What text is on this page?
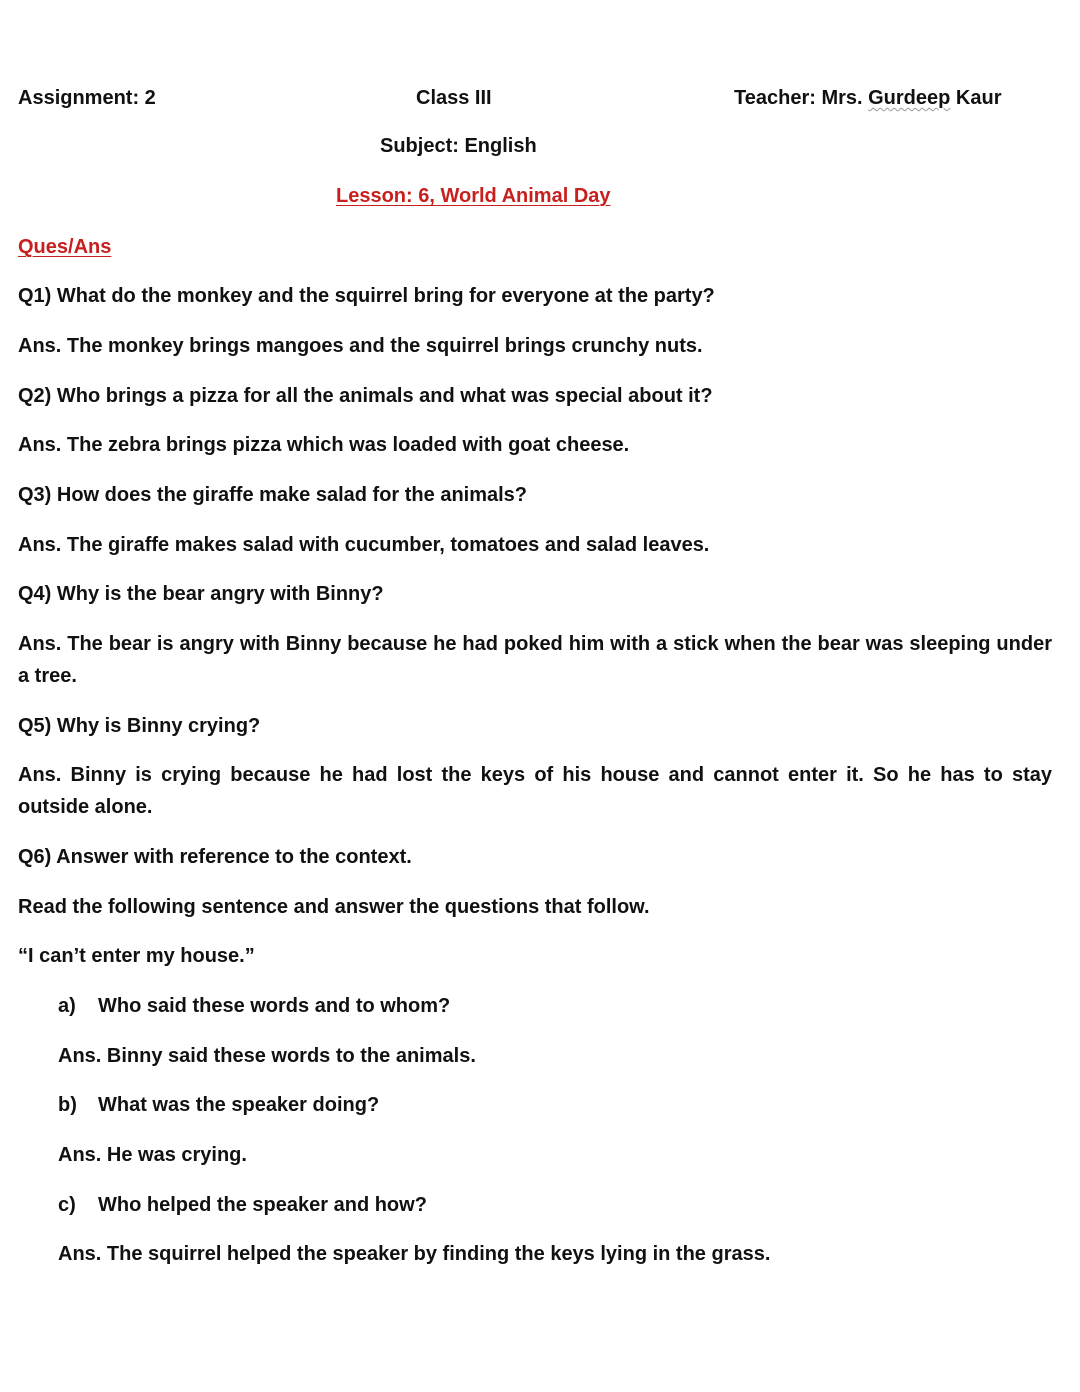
Assignment: 2	Class III	Teacher: Mrs. Gurdeep Kaur
Subject: English
Lesson: 6, World Animal Day
Ques/Ans
Q1) What do the monkey and the squirrel bring for everyone at the party?
Ans. The monkey brings mangoes and the squirrel brings crunchy nuts.
Q2) Who brings a pizza for all the animals and what was special about it?
Ans. The zebra brings pizza which was loaded with goat cheese.
Q3) How does the giraffe make salad for the animals?
Ans. The giraffe makes salad with cucumber, tomatoes and salad leaves.
Q4) Why is the bear angry with Binny?
Ans. The bear is angry with Binny because he had poked him with a stick when the bear was sleeping under a tree.
Q5) Why is Binny crying?
Ans. Binny is crying because he had lost the keys of his house and cannot enter it. So he has to stay outside alone.
Q6) Answer with reference to the context.
Read the following sentence and answer the questions that follow.
“I can’t enter my house.”
a) Who said these words and to whom?
Ans. Binny said these words to the animals.
b) What was the speaker doing?
Ans. He was crying.
c) Who helped the speaker and how?
Ans. The squirrel helped the speaker by finding the keys lying in the grass.
